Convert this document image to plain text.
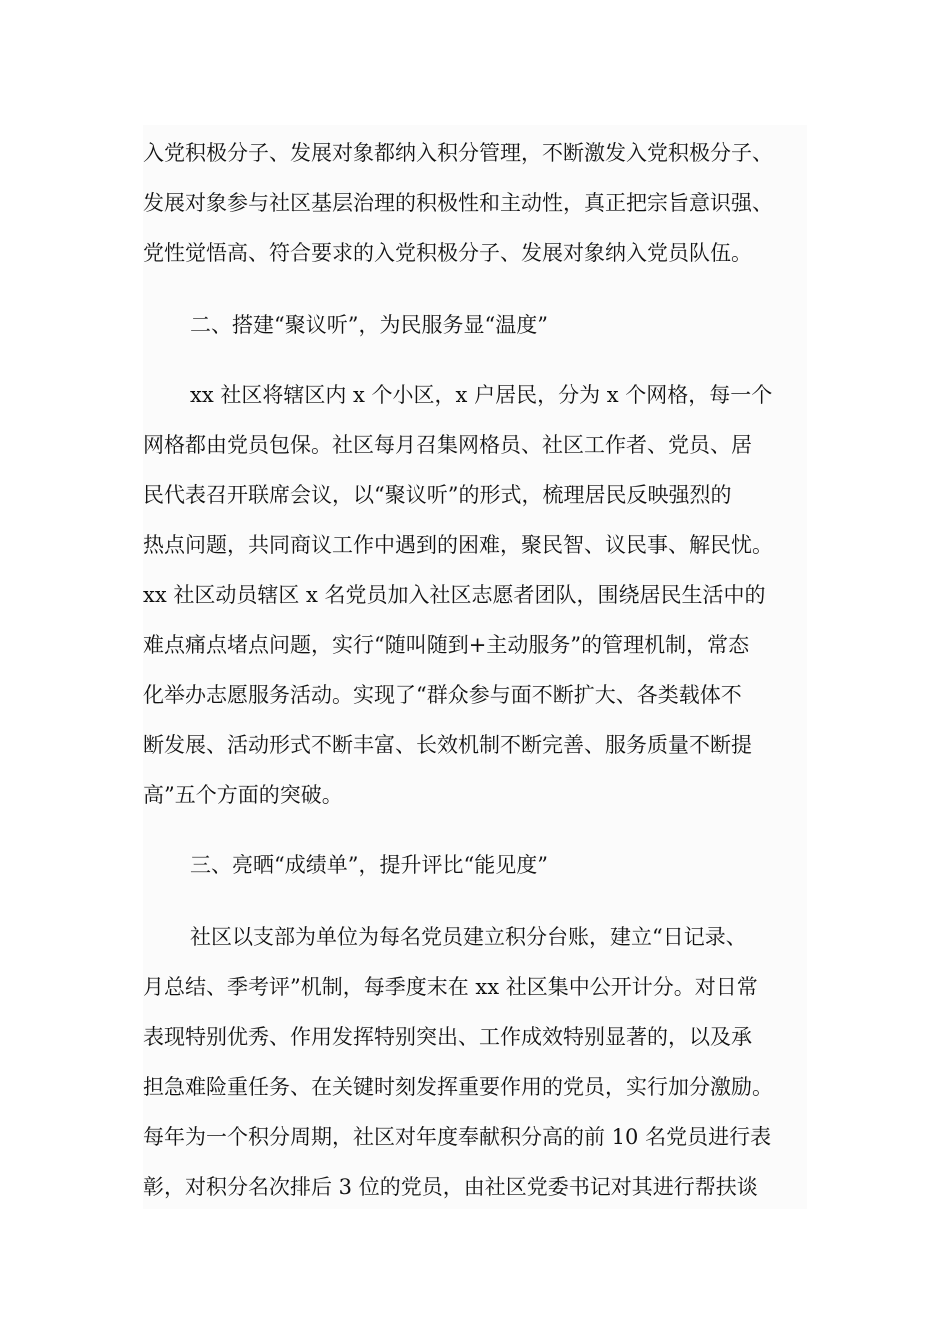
入党积极分子、发展对象都纳入积分管理，不断激发入党积极分子、
发展对象参与社区基层治理的积极性和主动性，真正把宗旨意识强、
党性觉悟高、符合要求的入党积极分子、发展对象纳入党员队伍。
二、搭建“聚议听”，为民服务显“温度”
xx 社区将辖区内 x 个小区，x 户居民，分为 x 个网格，每一个
网格都由党员包保。社区每月召集网格员、社区工作者、党员、居
民代表召开联席会议，以“聚议听”的形式，梳理居民反映强烈的
热点问题，共同商议工作中遇到的困难，聚民智、议民事、解民忧。
xx 社区动员辖区 x 名党员加入社区志愿者团队，围绕居民生活中的
难点痛点堵点问题，实行“随叫随到+主动服务”的管理机制，常态
化举办志愿服务活动。实现了“群众参与面不断扩大、各类载体不
断发展、活动形式不断丰富、长效机制不断完善、服务质量不断提
高”五个方面的突破。
三、亮晒“成绩单”，提升评比“能见度”
社区以支部为单位为每名党员建立积分台账，建立“日记录、
月总结、季考评”机制，每季度末在 xx 社区集中公开计分。对日常
表现特别优秀、作用发挥特别突出、工作成效特别显著的，以及承
担急难险重任务、在关键时刻发挥重要作用的党员，实行加分激励。
每年为一个积分周期，社区对年度奉献积分高的前 10 名党员进行表
彰，对积分名次排后 3 位的党员，由社区党委书记对其进行帮扶谈
